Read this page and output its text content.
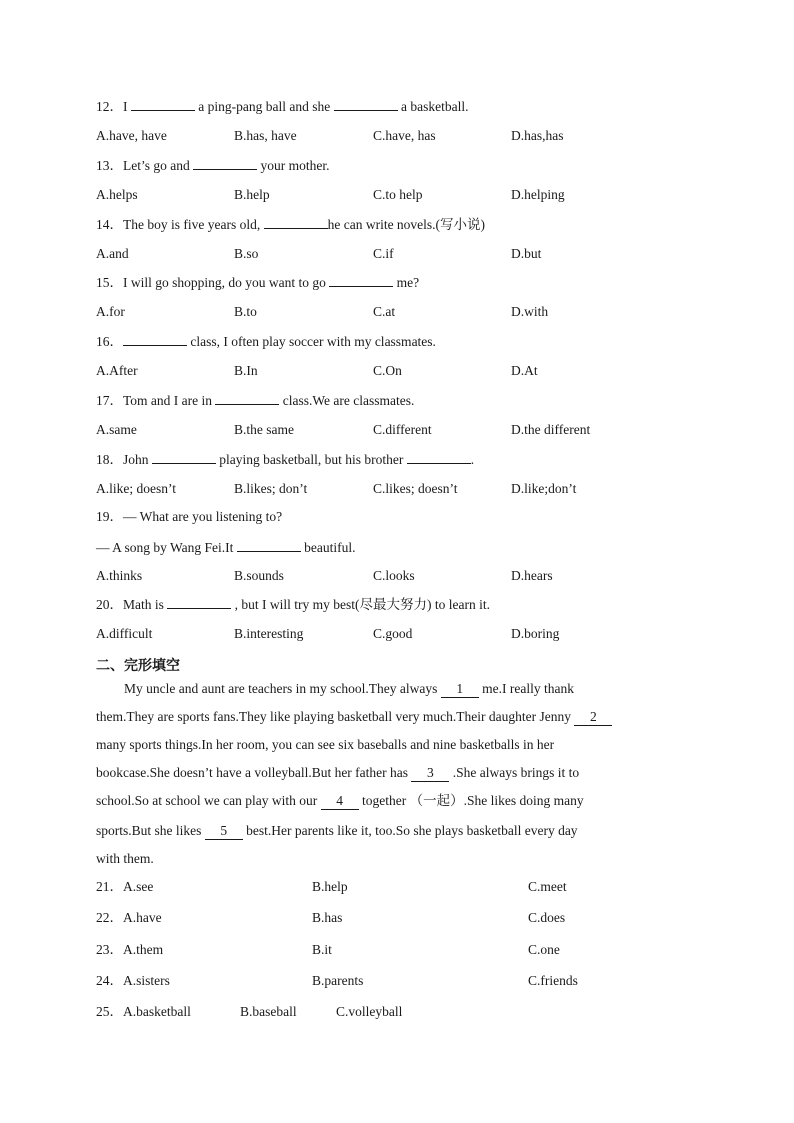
12．I	a ping-pang ball and she	a basketball.
A.have, have	B.has, have	C.have, has	D.has,has
13．Let’s go and	your mother.
A.helps	B.help	C.to help	D.helping
14．The boy is five years old,	he can write novels.(写小说)
A.and	B.so	C.if	D.but
15．I will go shopping, do you want to go	me?
A.for	B.to	C.at	D.with
16．	class, I often play soccer with my classmates.
A.After	B.In	C.On	D.At
17．Tom and I are in	class.We are classmates.
A.same	B.the same	C.different	D.the different
18．John	playing basketball, but his brother	.
A.like; doesn’t	B.likes; don’t	C.likes; doesn’t	D.like;don’t
19．— What are you listening to?
— A song by Wang Fei.It	beautiful.
A.thinks	B.sounds	C.looks	D.hears
20．Math is	, but I will try my best(尽最大努力) to learn it.
A.difficult	B.interesting	C.good	D.boring
二、完形填空
My uncle and aunt are teachers in my school.They always 1 me.I really thank
them.They are sports fans.They like playing basketball very much.Their daughter Jenny 2
many sports things.In her room, you can see six baseballs and nine basketballs in her
bookcase.She doesn’t have a volleyball.But her father has 3 .She always brings it to
school.So at school we can play with our 4 together （一起）.She likes doing many
sports.But she likes 5 best.Her parents like it, too.So she plays basketball every day
with them.
21．A.see	B.help	C.meet
22．A.have	B.has	C.does
23．A.them	B.it	C.one
24．A.sisters	B.parents	C.friends
25．A.basketball	B.baseball	C.volleyball
